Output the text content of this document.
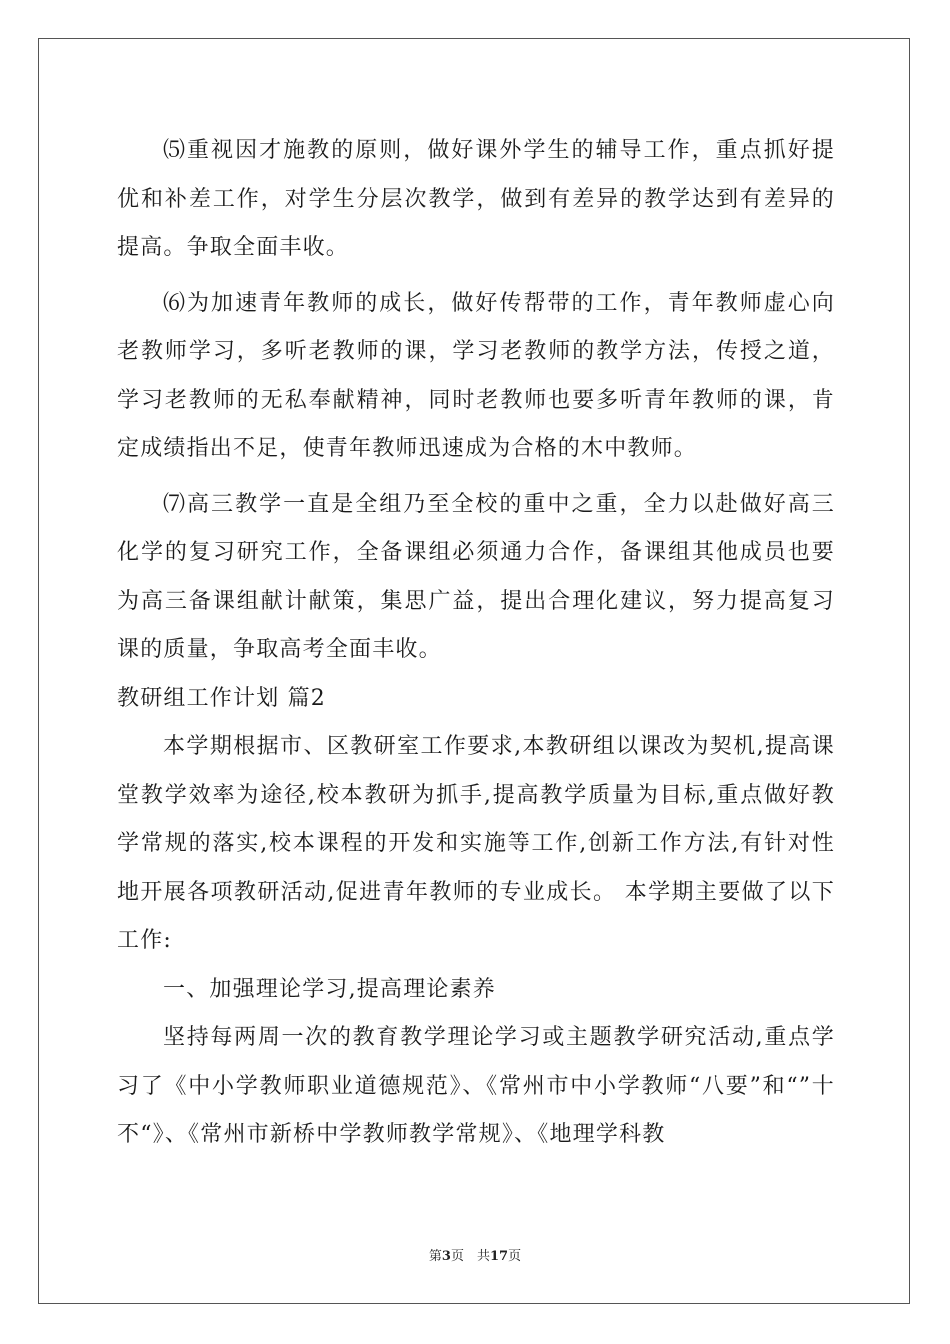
⑸重视因才施教的原则，做好课外学生的辅导工作，重点抓好提优和补差工作，对学生分层次教学，做到有差异的教学达到有差异的提高。争取全面丰收。

⑹为加速青年教师的成长，做好传帮带的工作，青年教师虚心向老教师学习，多听老教师的课，学习老教师的教学方法，传授之道，学习老教师的无私奉献精神，同时老教师也要多听青年教师的课，肯定成绩指出不足，使青年教师迅速成为合格的木中教师。

⑺高三教学一直是全组乃至全校的重中之重，全力以赴做好高三化学的复习研究工作，全备课组必须通力合作，备课组其他成员也要为高三备课组献计献策，集思广益，提出合理化建议，努力提高复习课的质量，争取高考全面丰收。

教研组工作计划 篇2

本学期根据市、区教研室工作要求,本教研组以课改为契机,提高课堂教学效率为途径,校本教研为抓手,提高教学质量为目标,重点做好教学常规的落实,校本课程的开发和实施等工作,创新工作方法,有针对性地开展各项教研活动,促进青年教师的专业成长。 本学期主要做了以下工作:

一、加强理论学习,提高理论素养

坚持每两周一次的教育教学理论学习或主题教学研究活动,重点学习了《中小学教师职业道德规范》、《常州市中小学教师“八要”和“”十不“》、《常州市新桥中学教师教学常规》、《地理学科教

第3页　共17页
